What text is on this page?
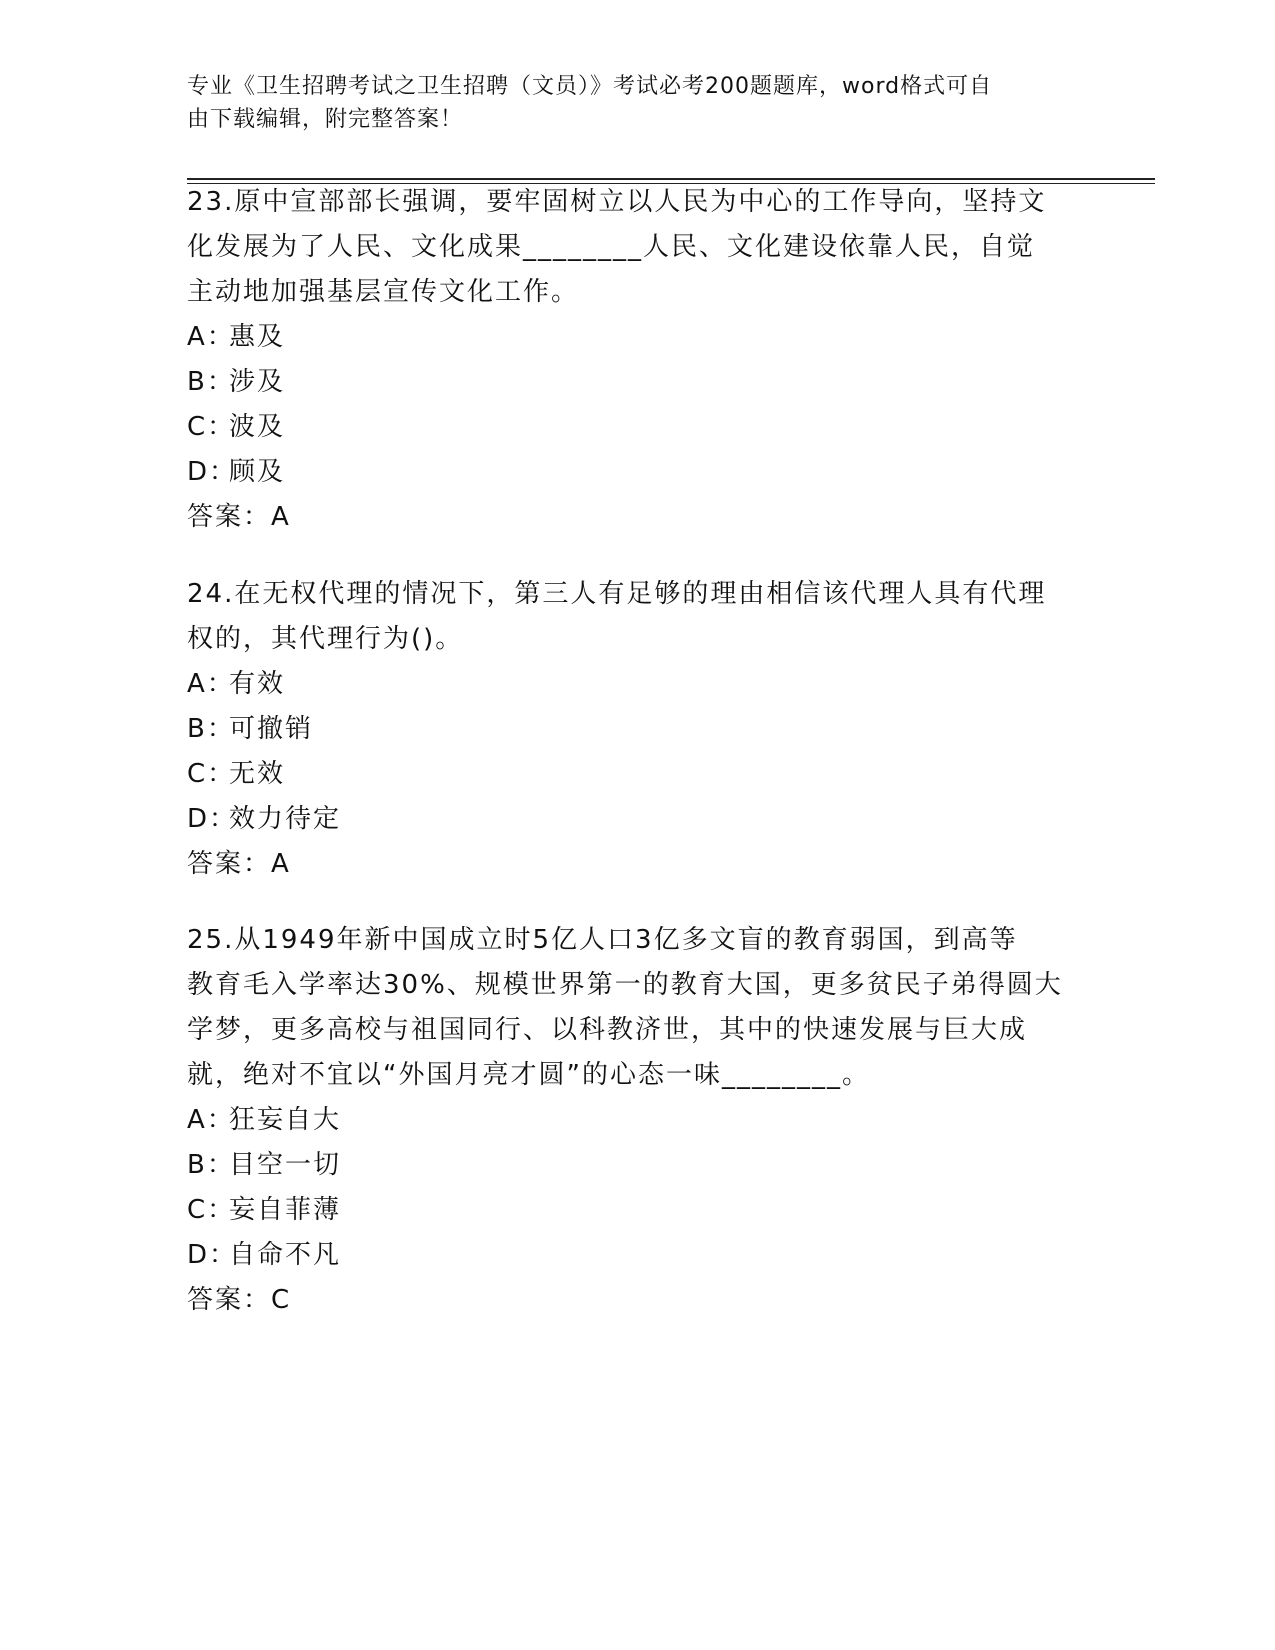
专业《卫生招聘考试之卫生招聘（文员）》考试必考200题题库，word格式可自
由下载编辑，附完整答案！

23.原中宣部部长强调，要牢固树立以人民为中心的工作导向，坚持文

化发展为了人民、文化成果________人民、文化建设依靠人民，自觉

主动地加强基层宣传文化工作。

A：惠及
B：涉及
C：波及
D：顾及
答案：A

24.在无权代理的情况下，第三人有足够的理由相信该代理人具有代理

权的，其代理行为()。

A：有效
B：可撤销
C：无效
D：效力待定
答案：A

25.从1949年新中国成立时5亿人口3亿多文盲的教育弱国，到高等

教育毛入学率达30%、规模世界第一的教育大国，更多贫民子弟得圆大

学梦，更多高校与祖国同行、以科教济世，其中的快速发展与巨大成

就，绝对不宜以“外国月亮才圆”的心态一味________。

A：狂妄自大
B：目空一切
C：妄自菲薄
D：自命不凡
答案：C
